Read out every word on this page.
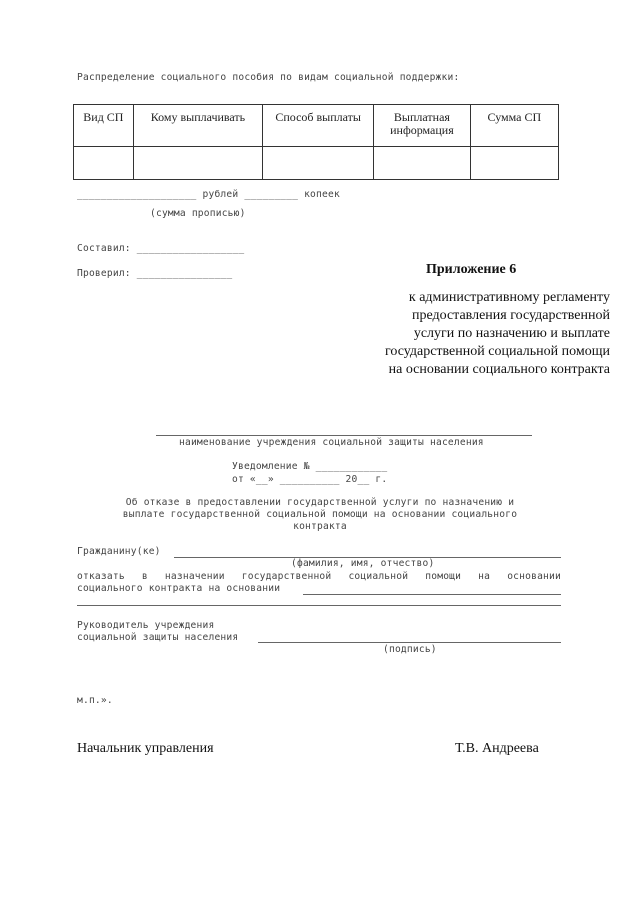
Распределение социального пособия по видам социальной поддержки:
Вид СП	Кому выплачивать	Способ выплаты	Выплатная информация	Сумма СП

____________________ рублей _________ копеек
(сумма прописью)
Составил: __________________
Проверил: ________________	Приложение 6
к административному регламенту
предоставления государственной
услуги по назначению и выплате
государственной социальной помощи
на основании социального контракта
наименование учреждения социальной защиты населения
Уведомление № ____________
от «__» __________ 20__ г.
Об отказе в предоставлении государственной услуги по назначению и
выплате государственной социальной помощи на основании социального
контракта
Гражданину(ке)
(фамилия, имя, отчество)
отказать в назначении государственной социальной помощи на основании
социального контракта на основании
Руководитель учреждения
социальной защиты населения
(подпись)
м.п.».
Начальник управления	Т.В. Андреева
